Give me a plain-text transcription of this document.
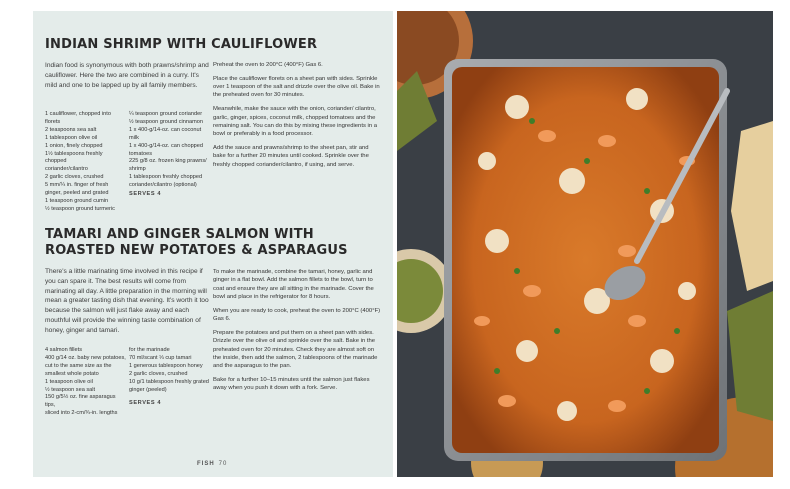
INDIAN SHRIMP WITH CAULIFLOWER

Indian food is synonymous with both prawns/shrimp and cauliflower. Here the two are combined in a curry. It's mild and one to be lapped up by all family members.

1 cauliflower, chopped into
florets
2 teaspoons sea salt
1 tablespoon olive oil
1 onion, finely chopped
1½ tablespoons freshly chopped
coriander/cilantro
2 garlic cloves, crushed
5 mm/¼ in. finger of fresh
ginger, peeled and grated
1 teaspoon ground cumin
½ teaspoon ground turmeric
¼ teaspoon ground coriander
½ teaspoon ground cinnamon
1 x 400-g/14-oz. can coconut
milk
1 x 400-g/14-oz. can chopped
tomatoes
225 g/8 oz. frozen king prawns/
shrimp
1 tablespoon freshly chopped
coriander/cilantro (optional)
SERVES 4

Preheat the oven to 200°C (400°F) Gas 6.

Place the cauliflower florets on a sheet pan with sides. Sprinkle over 1 teaspoon of the salt and drizzle over the olive oil. Bake in the preheated oven for 30 minutes.

Meanwhile, make the sauce with the onion, coriander/ cilantro, garlic, ginger, spices, coconut milk, chopped tomatoes and the remaining salt. You can do this by mixing these ingredients in a bowl or preferably in a food processor.

Add the sauce and prawns/shrimp to the sheet pan, stir and bake for a further 20 minutes until cooked. Sprinkle over the freshly chopped coriander/cilantro, if using, and serve.

TAMARI AND GINGER SALMON WITH ROASTED NEW POTATOES & ASPARAGUS

There's a little marinating time involved in this recipe if you can spare it. The best results will come from marinating all day. A little preparation in the morning will mean a greater tasting dish that evening. It's worth it too because the salmon will just flake away and each mouthful will provide the winning taste combination of honey, ginger and tamari.

4 salmon fillets
400 g/14 oz. baby new potatoes,
cut to the same size as the
smallest whole potato
1 teaspoon olive oil
½ teaspoon sea salt
150 g/5½ oz. fine asparagus tips,
sliced into 2-cm/¾-in. lengths
for the marinade
70 ml/scant ⅓ cup tamari
1 generous tablespoon honey
2 garlic cloves, crushed
10 g/1 tablespoon freshly grated
ginger (peeled)
SERVES 4

To make the marinade, combine the tamari, honey, garlic and ginger in a flat bowl. Add the salmon fillets to the bowl, turn to coat and ensure they are all sitting in the marinade. Cover the bowl and place in the refrigerator for 8 hours.

When you are ready to cook, preheat the oven to 200°C (400°F) Gas 6.

Prepare the potatoes and put them on a sheet pan with sides. Drizzle over the olive oil and sprinkle over the salt. Bake in the preheated oven for 20 minutes. Check they are almost soft on the inside, then add the salmon, 2 tablespoons of the marinade and the asparagus to the pan.

Bake for a further 10–15 minutes until the salmon just flakes away when you push it down with a fork. Serve.

FISH 70
